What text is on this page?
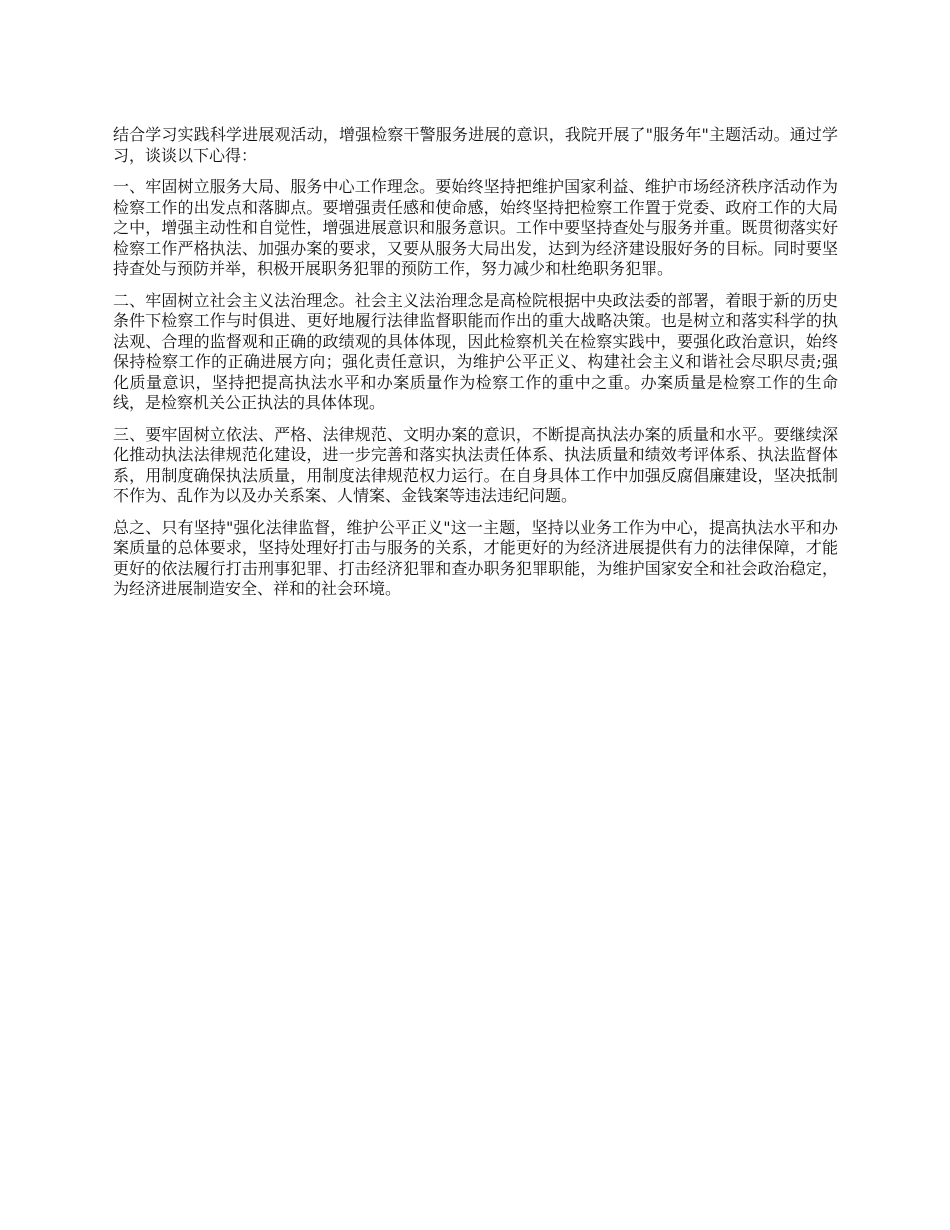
结合学习实践科学进展观活动，增强检察干警服务进展的意识，我院开展了"服务年"主题活动。通过学习，谈谈以下心得：

一、牢固树立服务大局、服务中心工作理念。要始终坚持把维护国家利益、维护市场经济秩序活动作为检察工作的出发点和落脚点。要增强责任感和使命感，始终坚持把检察工作置于党委、政府工作的大局之中，增强主动性和自觉性，增强进展意识和服务意识。工作中要坚持查处与服务并重。既贯彻落实好检察工作严格执法、加强办案的要求，又要从服务大局出发，达到为经济建设服好务的目标。同时要坚持查处与预防并举，积极开展职务犯罪的预防工作，努力减少和杜绝职务犯罪。

二、牢固树立社会主义法治理念。社会主义法治理念是高检院根据中央政法委的部署，着眼于新的历史条件下检察工作与时俱进、更好地履行法律监督职能而作出的重大战略决策。也是树立和落实科学的执法观、合理的监督观和正确的政绩观的具体体现，因此检察机关在检察实践中，要强化政治意识，始终保持检察工作的正确进展方向；强化责任意识，为维护公平正义、构建社会主义和谐社会尽职尽责;强化质量意识，坚持把提高执法水平和办案质量作为检察工作的重中之重。办案质量是检察工作的生命线，是检察机关公正执法的具体体现。

三、要牢固树立依法、严格、法律规范、文明办案的意识，不断提高执法办案的质量和水平。要继续深化推动执法法律规范化建设，进一步完善和落实执法责任体系、执法质量和绩效考评体系、执法监督体系，用制度确保执法质量，用制度法律规范权力运行。在自身具体工作中加强反腐倡廉建设，坚决抵制不作为、乱作为以及办关系案、人情案、金钱案等违法违纪问题。

总之、只有坚持"强化法律监督，维护公平正义"这一主题，坚持以业务工作为中心，提高执法水平和办案质量的总体要求，坚持处理好打击与服务的关系，才能更好的为经济进展提供有力的法律保障，才能更好的依法履行打击刑事犯罪、打击经济犯罪和查办职务犯罪职能，为维护国家安全和社会政治稳定，为经济进展制造安全、祥和的社会环境。
